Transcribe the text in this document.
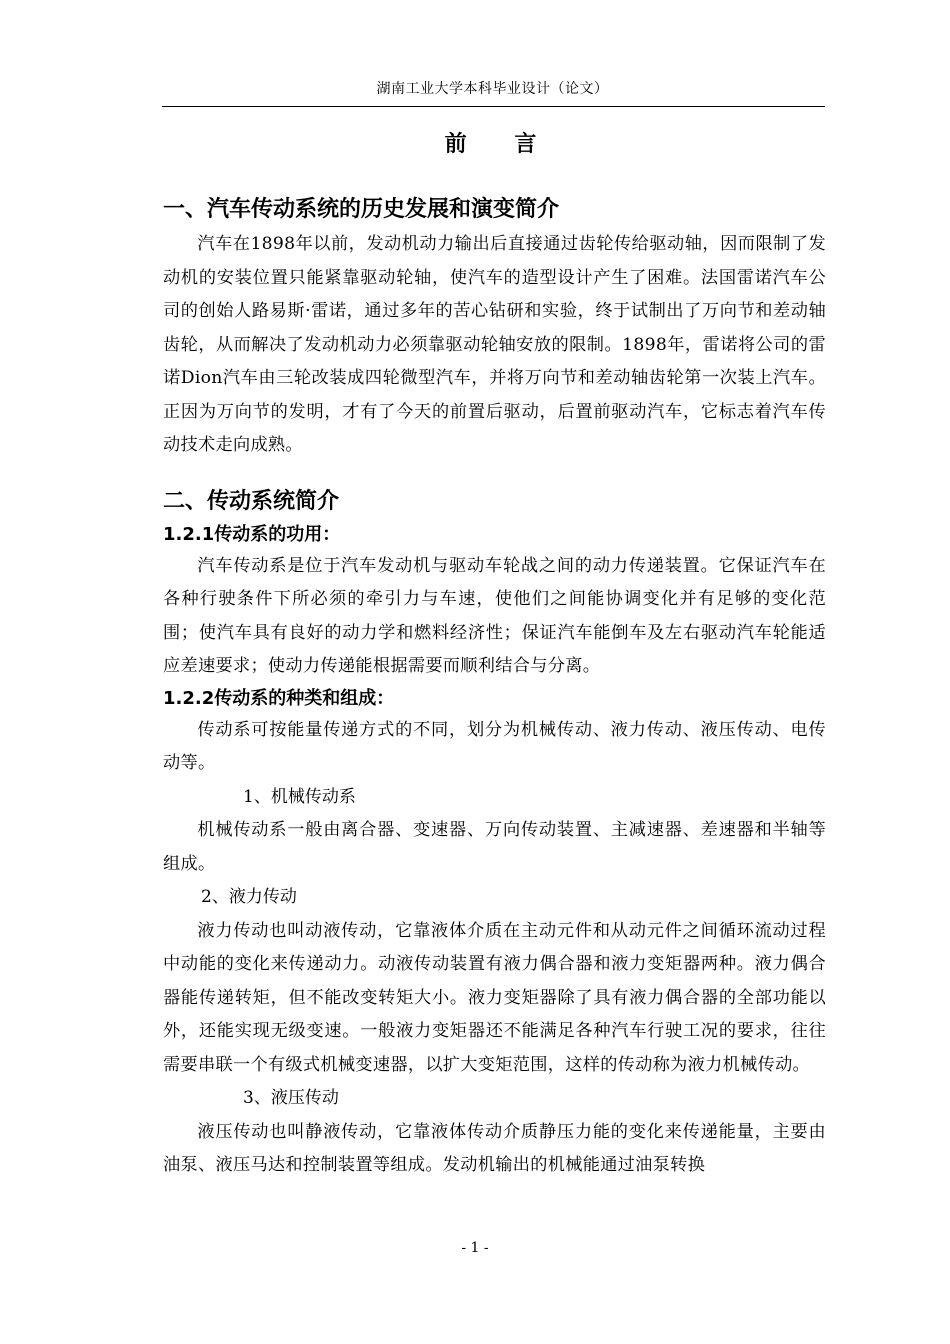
湖南工业大学本科毕业设计（论文）
前 言
一、汽车传动系统的历史发展和演变简介

汽车在1898年以前，发动机动力输出后直接通过齿轮传给驱动轴，因而限制了发动机的安装位置只能紧靠驱动轮轴，使汽车的造型设计产生了困难。法国雷诺汽车公司的创始人路易斯·雷诺，通过多年的苦心钻研和实验，终于试制出了万向节和差动轴齿轮，从而解决了发动机动力必须靠驱动轮轴安放的限制。1898年，雷诺将公司的雷诺Dion汽车由三轮改装成四轮微型汽车，并将万向节和差动轴齿轮第一次装上汽车。正因为万向节的发明，才有了今天的前置后驱动，后置前驱动汽车，它标志着汽车传动技术走向成熟。

二、传动系统简介
1.2.1传动系的功用：

汽车传动系是位于汽车发动机与驱动车轮战之间的动力传递装置。它保证汽车在各种行驶条件下所必须的牵引力与车速，使他们之间能协调变化并有足够的变化范围；使汽车具有良好的动力学和燃料经济性；保证汽车能倒车及左右驱动汽车轮能适应差速要求；使动力传递能根据需要而顺利结合与分离。

1.2.2传动系的种类和组成：

传动系可按能量传递方式的不同，划分为机械传动、液力传动、液压传动、电传动等。

1、机械传动系

机械传动系一般由离合器、变速器、万向传动装置、主减速器、差速器和半轴等组成。

2、液力传动

液力传动也叫动液传动，它靠液体介质在主动元件和从动元件之间循环流动过程中动能的变化来传递动力。动液传动装置有液力偶合器和液力变矩器两种。液力偶合器能传递转矩，但不能改变转矩大小。液力变矩器除了具有液力偶合器的全部功能以外，还能实现无级变速。一般液力变矩器还不能满足各种汽车行驶工况的要求，往往需要串联一个有级式机械变速器，以扩大变矩范围，这样的传动称为液力机械传动。

3、液压传动

液压传动也叫静液传动，它靠液体传动介质静压力能的变化来传递能量，主要由油泵、液压马达和控制装置等组成。发动机输出的机械能通过油泵转换

- 1 -
